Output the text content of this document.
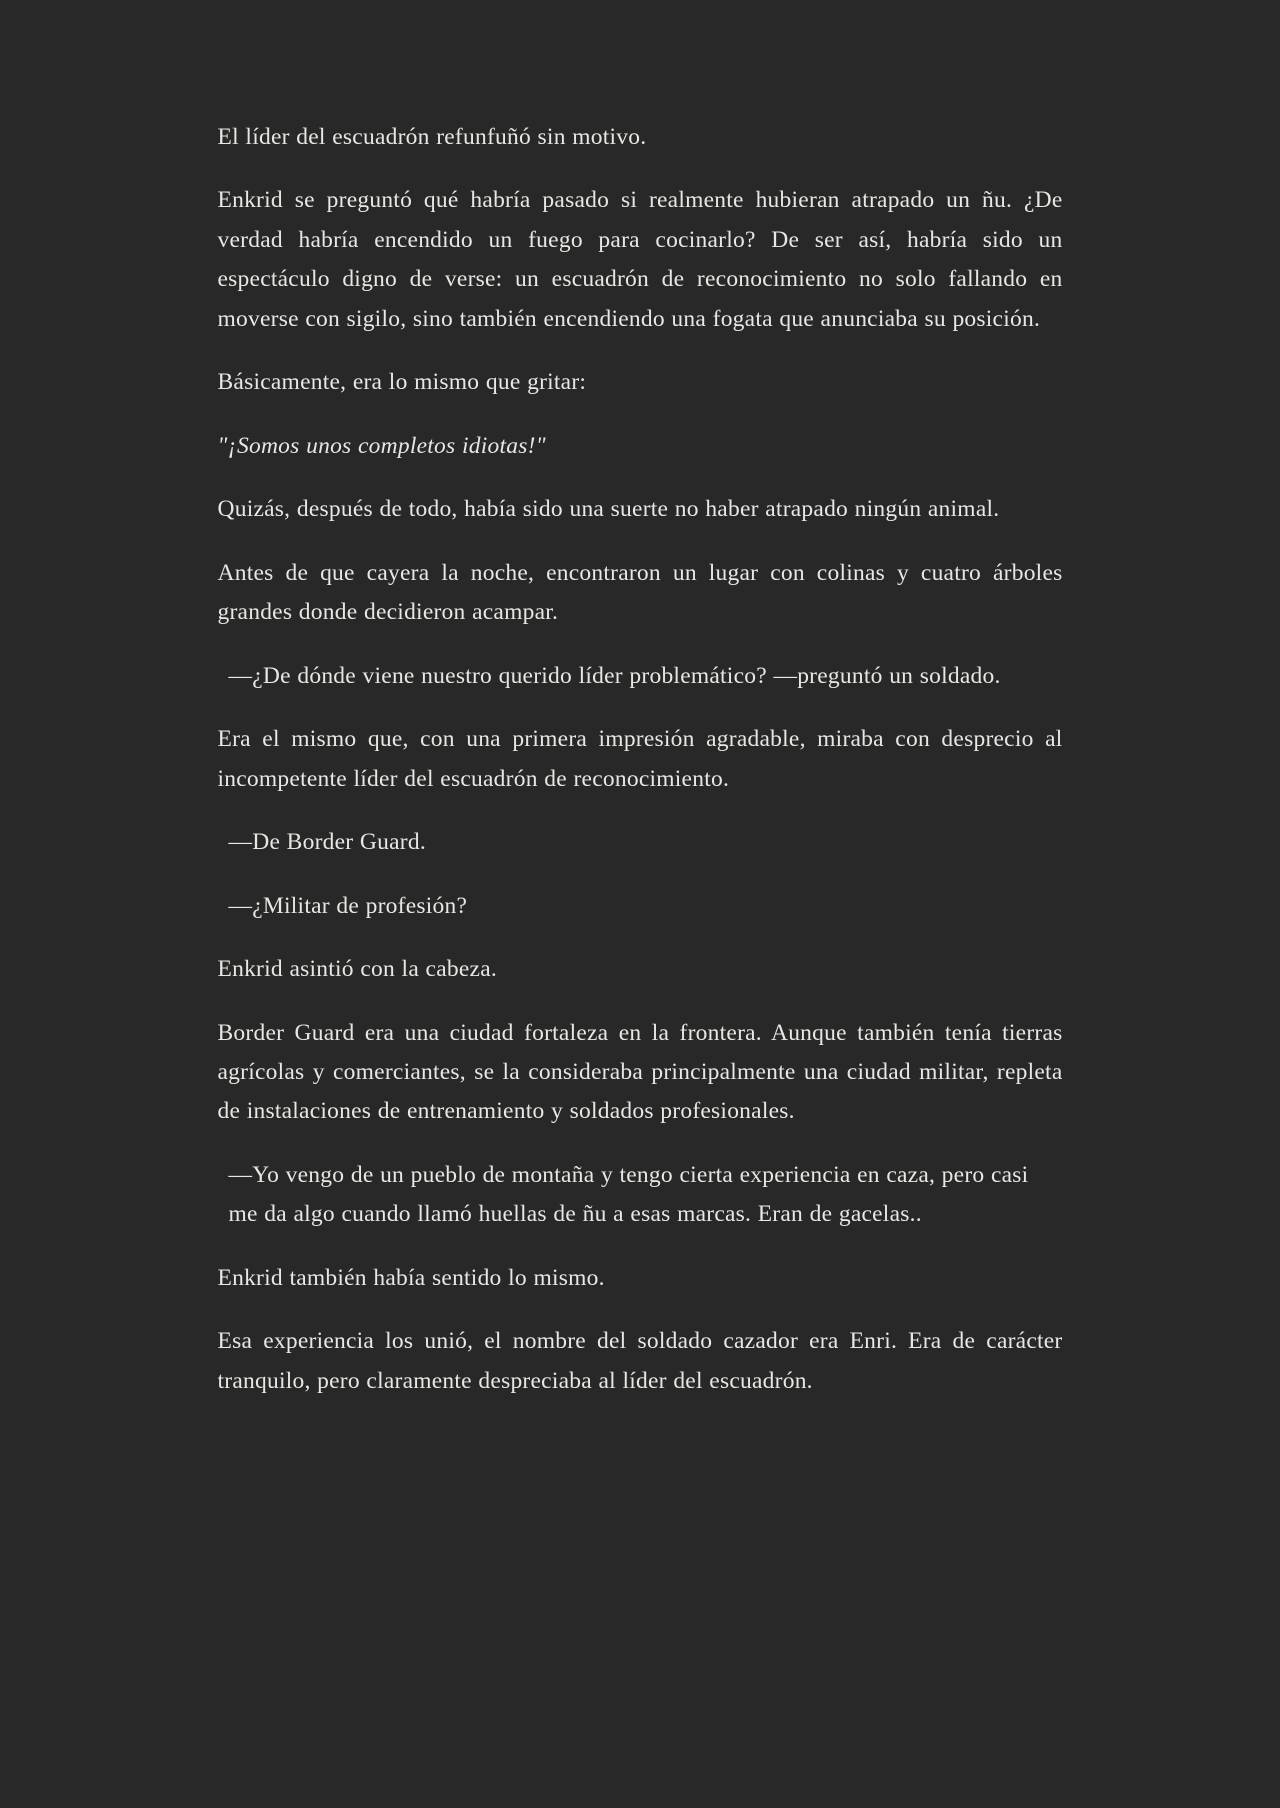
El líder del escuadrón refunfuñó sin motivo.

Enkrid se preguntó qué habría pasado si realmente hubieran atrapado un ñu. ¿De verdad habría encendido un fuego para cocinarlo? De ser así, habría sido un espectáculo digno de verse: un escuadrón de reconocimiento no solo fallando en moverse con sigilo, sino también encendiendo una fogata que anunciaba su posición.

Básicamente, era lo mismo que gritar:

"¡Somos unos completos idiotas!"

Quizás, después de todo, había sido una suerte no haber atrapado ningún animal.

Antes de que cayera la noche, encontraron un lugar con colinas y cuatro árboles grandes donde decidieron acampar.

—¿De dónde viene nuestro querido líder problemático? —preguntó un soldado.

Era el mismo que, con una primera impresión agradable, miraba con desprecio al incompetente líder del escuadrón de reconocimiento.

—De Border Guard.

—¿Militar de profesión?

Enkrid asintió con la cabeza.

Border Guard era una ciudad fortaleza en la frontera. Aunque también tenía tierras agrícolas y comerciantes, se la consideraba principalmente una ciudad militar, repleta de instalaciones de entrenamiento y soldados profesionales.

—Yo vengo de un pueblo de montaña y tengo cierta experiencia en caza, pero casi me da algo cuando llamó huellas de ñu a esas marcas. Eran de gacelas..

Enkrid también había sentido lo mismo.

Esa experiencia los unió, el nombre del soldado cazador era Enri. Era de carácter tranquilo, pero claramente despreciaba al líder del escuadrón.
